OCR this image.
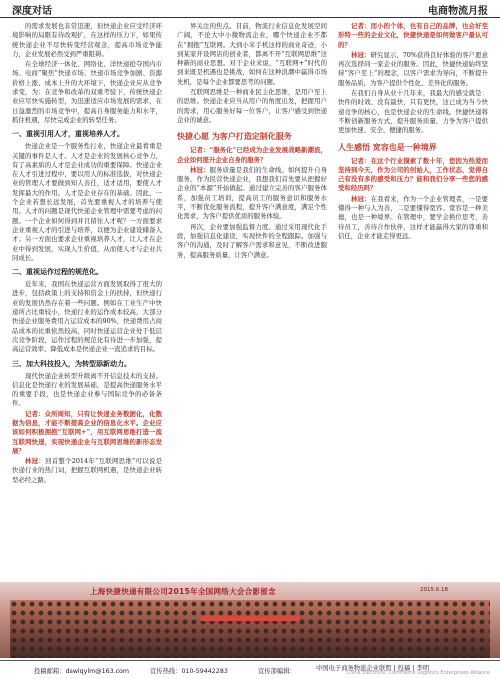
深度对话	电商物流月报

的需求发展也非常迅速，但快递企业应受经济环境影响的局限有待改观扩，在这样的压力下，如果传统快递企业不尽快转变经营观念，提高市场竞争能力，企业发展必然受到严重阻碍。

在全球经济一体化、网络化、洋快递抢夺国内市场、电商“聚焦”快递市场、快递市场竞争加剧、资源价格上涨、成本上升的大环境下，快递企业应从竞争求变，为：在竞争和改革的双重考验下，传统快递企业应尽快实施转型，为迅速适应市场发展的需求，在日益激烈的市场竞争中，提高自身服务能力和水平，抓住机遇，尽快完成企业的转型任务。

一、重视引用人才，重视培养人才。

快递企业是一个服务性行业，快递企业最看重是关键的事件是人才。人才是企业的发展核心竞争力，有了高素质的人才是企业成功的重要保障。快递企业在人才引进过程中，要以用人的标准选拔，对快递企业的管理人才要做到知人善任，适才适用，要使人才发挥最大的作用。人才是企业存在的基础。因此，一个企业若想长远发展，首先要重视人才的培养与使用。人才的问题是现代快递企业管理中需要考虑的问题。一个企业如何得到并且留住人才呢？一方面要求企业重视人才的引进与培养，以便为企业建设储备人才；另一方面也要求企业重视培养人才，让人才在企业中得到发展，实现人生价值，从而使人才与企业共同成长。

二、重视运作过程的规范化。

近年来，我国在快递运营方面发展取得了很大的进步，包括政策上的支持和资金上的扶持，但快递行业的发展仍然存在着一些问题。例如在工业生产中快递所占比重较小，快递行业的运作成本较高，大部分快递企业服务费用占运营成本的90%，快递费用占商品成本的比重依然较高，同时快递运营企业处于低层次竞争阶段，运作过程的规范化有待进一步加强，提高运营效率、降低成本是快递企业一直追求的目标。

三、加大科技投入，为转型添新动力。

现代快递企业转型升级离不开信息技术的支持。信息化是快递行业的发展基础，是提高快递服务水平的重要手段，也是快递企业参与国际竞争的必备条件。

记者：众所周知，只有让快递业务数据化，化数据为信息，才能不断提高企业的信息化水平。企业应该如何积极拥抱“互联网+”，用互联网思维打造一流互联网快递，实现快递企业与互联网思维的新形态发展？

林冠：回首整个2014年“互联网思维”可以说是快递行业的热门词，把握互联网机遇，是快递企业转型必经之路。

界关注的焦点。目前，物流行业信息化发展空间广阔，不论大中小微物流企业，哪个快递企业不都在“拥抱”互联网。大到小米手机这样的商业奇迹，小到某家开设网店的创业者，都离不开“互联网思维”这种新的商业思想。对于企业来说，“互联网+”时代的到来既是机遇也是挑战，如何在这种浪潮中赢得市场先机，是每个企业都要思考的问题。

互联网思维是一种商业民主化思维，是用户至上的思维。快递企业应当从用户的角度出发，把握用户的需求，用心服务好每一位客户，让客户感受到快递企业的诚意。

快捷心愿 为客户打造定制化服务

记者：“服务化”已经成为企业发展战略新潮流，企业如何提升企业自身的服务？

林冠：服务质量是我们的生命线。如何提升自身服务，作为民营快递企业，我想我们首先要从把握好企业的“本源”开始做起。通过建立完善的客户服务体系，加强员工培训，提高员工的服务意识和服务水平，不断优化服务流程，提升客户满意度，满足个性化需求，为客户提供优质的服务体验。

再次，企业要加强监督力度。通过采用现代化手段，加强信息化建设，实现快件的全程跟踪。加强与客户的沟通，及时了解客户需求和意见，不断改进服务，提高服务质量，让客户满意。

记者：而小的个体，也有自己的品牌，也会好至形特一些的企业文化，快捷快递是如何做客户最认可的？

林冠：研究显示，70%获得良好体验的客户愿意再次选择同一家企业的服务。因此，快捷快递始终坚持“客户至上”的理念，以客户需求为导向，不断提升服务品质，为客户提供个性化、差异化的服务。

在我们自身从业十几年来，我最大的感受就是：快件的时效、没有最快，只有更快，这已成为当今快递竞争的核心，也是快递企业的生命线。快捷快递将不断创新服务方式，提升服务质量，力争为客户提供更加快速、安全、便捷的服务。

人生感悟 宽容也是一种境界

记者：在这个行业摸索了数十年，您因为热爱而坚持到今天，作为公司的创始人，工作状态、觉得自己有没有多的感受和压力？能和我们分享一些您的感受和经历吗？

林冠：在我看来，作为一个企业管理者，一是要懂得一种与人为善，二是要懂得宽容。宽容是一种美德，也是一种境界。在管理中，要学会换位思考，善待员工，善待合作伙伴，这样才能赢得大家的尊重和信任，企业才能走得更远。

上海快捷快递有限公司2015年全国网络大会合影留念	2015.6.18
投稿邮箱：dswlqylm@163.com	宣传热线：010-59442283	宣传部编辑：	中国电子商务物流企业联盟 | 投稿 | 李明
China Electronic Commerce Logistics Enterprises Alliance
